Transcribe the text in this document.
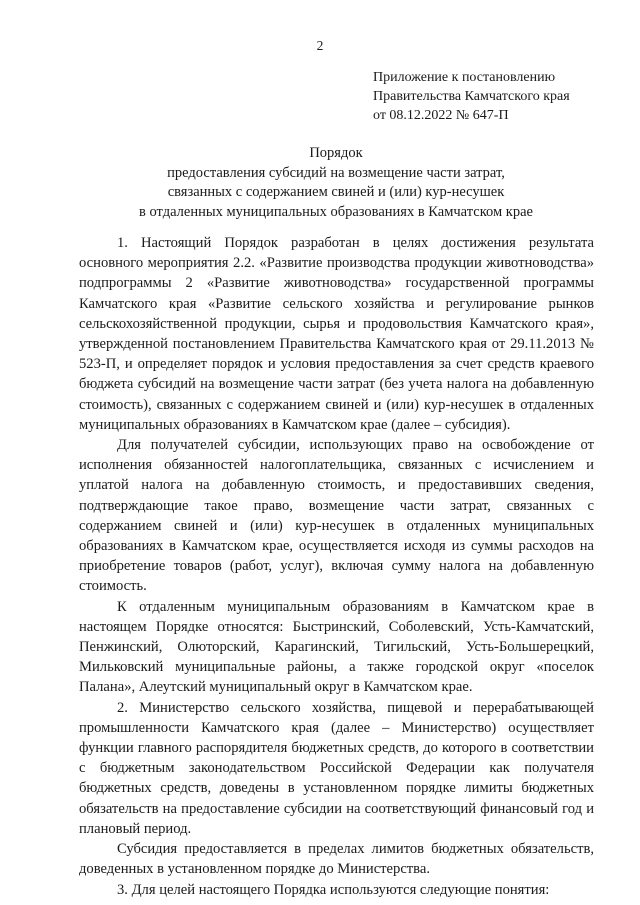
2
Приложение к постановлению
Правительства Камчатского края
от 08.12.2022 № 647-П
Порядок
предоставления субсидий на возмещение части затрат,
связанных с содержанием свиней и (или) кур-несушек
в отдаленных муниципальных образованиях в Камчатском крае

1. Настоящий Порядок разработан в целях достижения результата основного мероприятия 2.2. «Развитие производства продукции животноводства» подпрограммы 2 «Развитие животноводства» государственной программы Камчатского края «Развитие сельского хозяйства и регулирование рынков сельскохозяйственной продукции, сырья и продовольствия Камчатского края», утвержденной постановлением Правительства Камчатского края от 29.11.2013 № 523-П, и определяет порядок и условия предоставления за счет средств краевого бюджета субсидий на возмещение части затрат (без учета налога на добавленную стоимость), связанных с содержанием свиней и (или) кур-несушек в отдаленных муниципальных образованиях в Камчатском крае (далее – субсидия).

Для получателей субсидии, использующих право на освобождение от исполнения обязанностей налогоплательщика, связанных с исчислением и уплатой налога на добавленную стоимость, и предоставивших сведения, подтверждающие такое право, возмещение части затрат, связанных с содержанием свиней и (или) кур-несушек в отдаленных муниципальных образованиях в Камчатском крае, осуществляется исходя из суммы расходов на приобретение товаров (работ, услуг), включая сумму налога на добавленную стоимость.

К отдаленным муниципальным образованиям в Камчатском крае в настоящем Порядке относятся: Быстринский, Соболевский, Усть-Камчатский, Пенжинский, Олюторский, Карагинский, Тигильский, Усть-Большерецкий, Мильковский муниципальные районы, а также городской округ «поселок Палана», Алеутский муниципальный округ в Камчатском крае.

2. Министерство сельского хозяйства, пищевой и перерабатывающей промышленности Камчатского края (далее – Министерство) осуществляет функции главного распорядителя бюджетных средств, до которого в соответствии с бюджетным законодательством Российской Федерации как получателя бюджетных средств, доведены в установленном порядке лимиты бюджетных обязательств на предоставление субсидии на соответствующий финансовый год и плановый период.

Субсидия предоставляется в пределах лимитов бюджетных обязательств, доведенных в установленном порядке до Министерства.

3. Для целей настоящего Порядка используются следующие понятия:
